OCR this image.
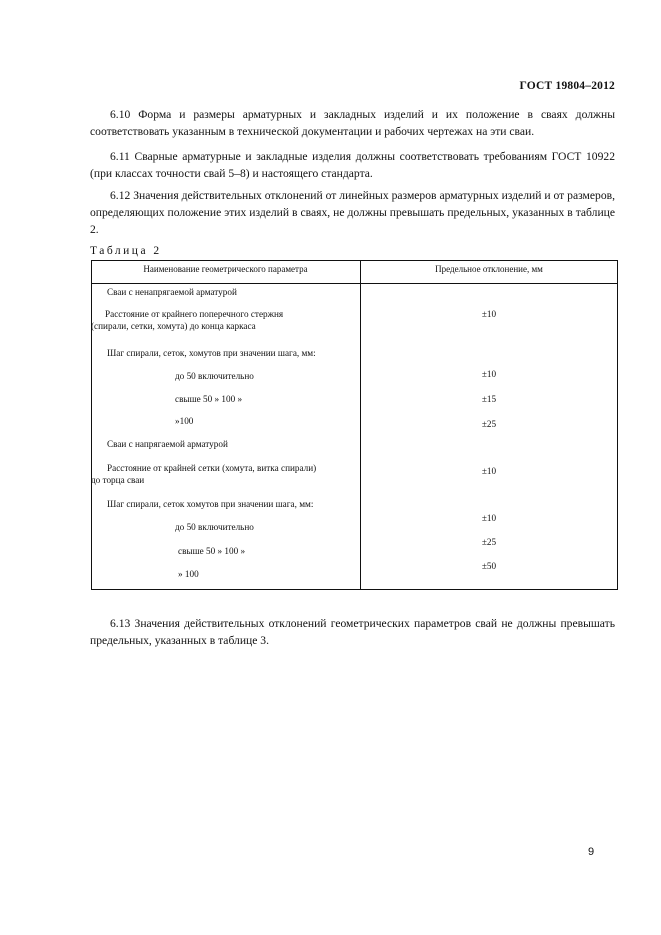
ГОСТ 19804–2012
6.10 Форма и размеры арматурных и закладных изделий и их положение в сваях должны соответствовать указанным в технической документации и рабочих чертежах на эти сваи.
6.11 Сварные арматурные и закладные изделия должны соответствовать требованиям ГОСТ 10922 (при классах точности свай 5–8) и настоящего стандарта.
6.12 Значения действительных отклонений от линейных размеров арматурных изделий и от размеров, определяющих положение этих изделий в сваях, не должны превышать предельных, указанных в таблице 2.
Таблица 2
Наименование геометрического параметра	Предельное отклонение, мм
Сваи с ненапрягаемой арматурой
Расстояние от крайнего поперечного стержня
(спирали, сетки, хомута) до конца каркаса
Шаг спирали, сеток, хомутов при значении шага, мм:
до 50 включительно
свыше 50 » 100 »
»100
Сваи с напрягаемой арматурой
Расстояние от крайней сетки (хомута, витка спирали)
до торца сваи
Шаг спирали, сеток хомутов при значении шага, мм:
до 50 включительно
свыше 50 » 100 »
» 100
±10
±10
±15
±25
±10
±10
±25
±50
6.13 Значения действительных отклонений геометрических параметров свай не должны превышать предельных, указанных в таблице 3.
9
